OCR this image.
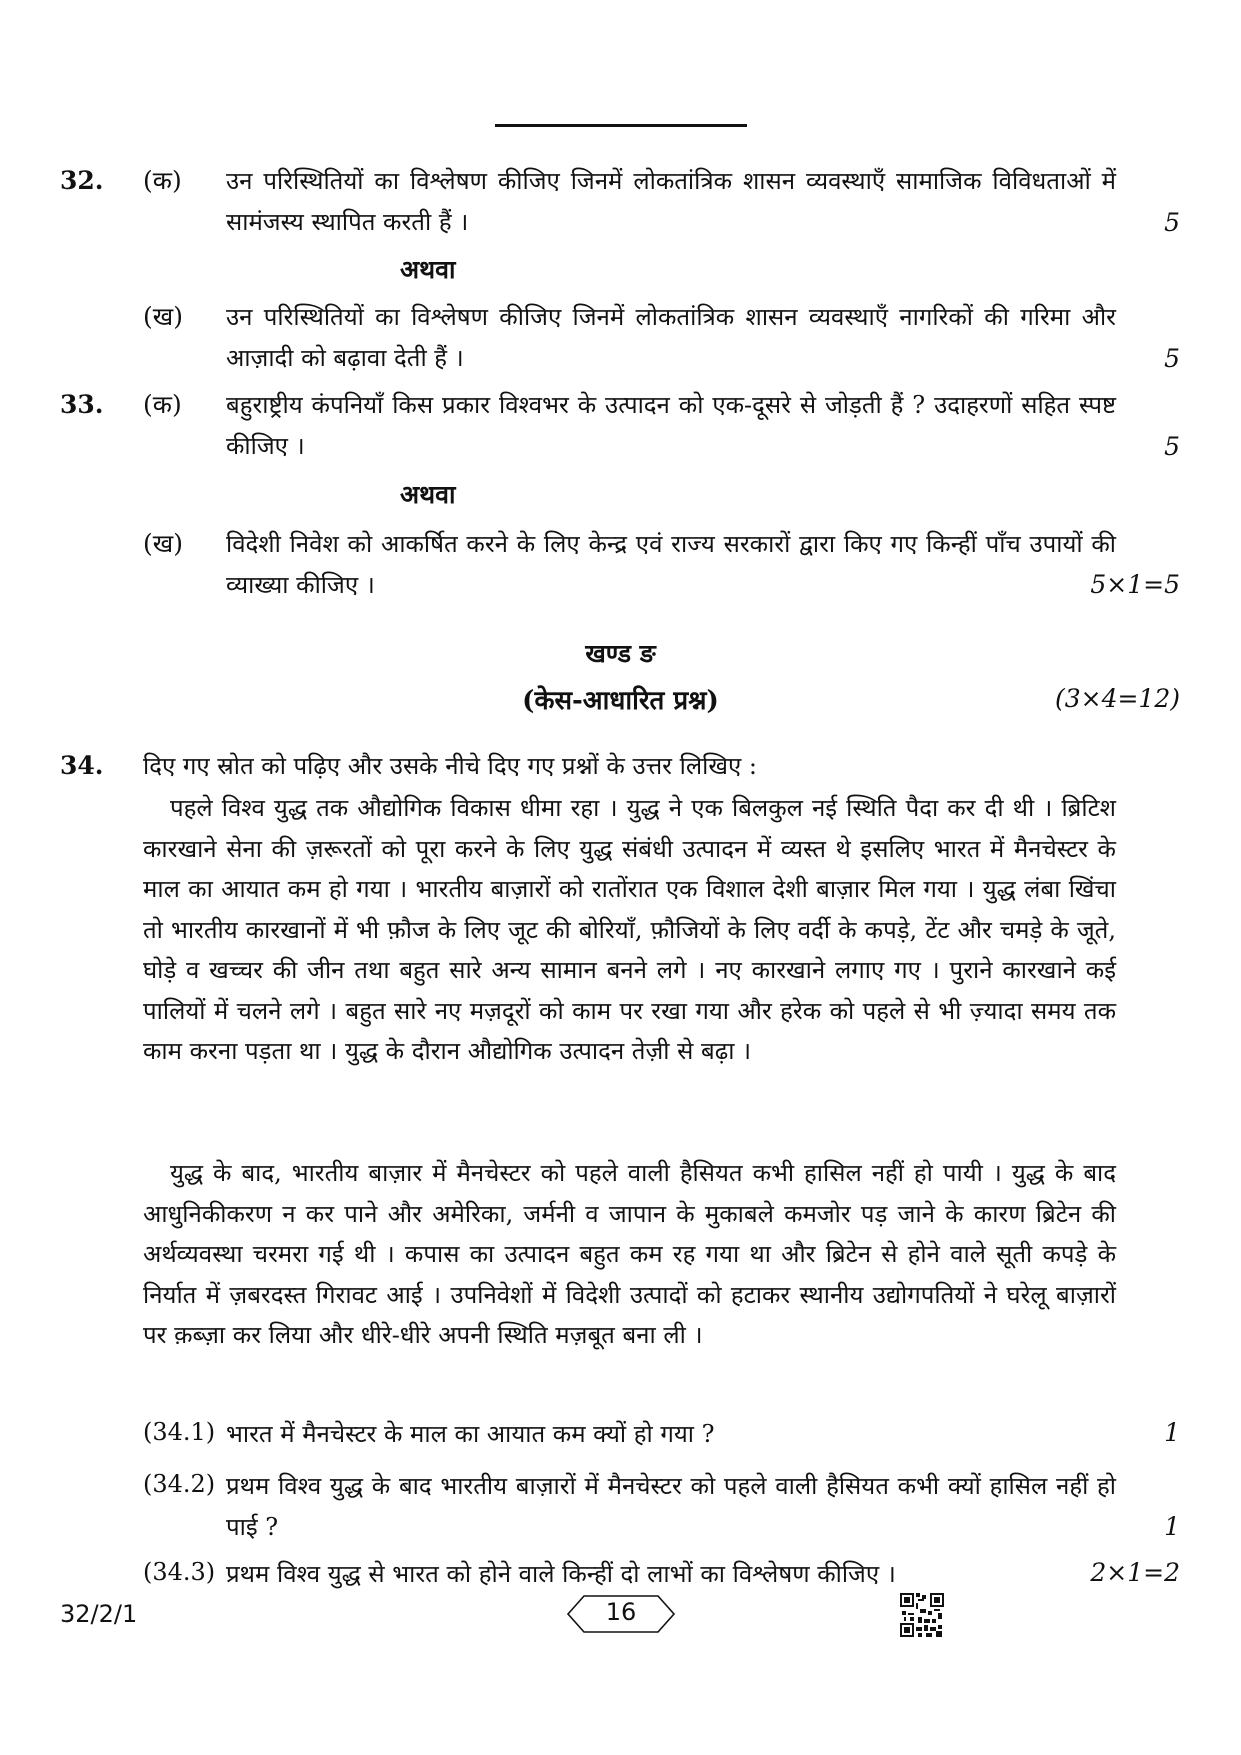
32. (क) उन परिस्थितियों का विश्लेषण कीजिए जिनमें लोकतांत्रिक शासन व्यवस्थाएँ सामाजिक विविधताओं में सामंजस्य स्थापित करती हैं ।	5
अथवा
(ख) उन परिस्थितियों का विश्लेषण कीजिए जिनमें लोकतांत्रिक शासन व्यवस्थाएँ नागरिकों की गरिमा और आज़ादी को बढ़ावा देती हैं ।	5
33. (क) बहुराष्ट्रीय कंपनियाँ किस प्रकार विश्वभर के उत्पादन को एक-दूसरे से जोड़ती हैं ? उदाहरणों सहित स्पष्ट कीजिए ।	5
अथवा
(ख) विदेशी निवेश को आकर्षित करने के लिए केन्द्र एवं राज्य सरकारों द्वारा किए गए किन्हीं पाँच उपायों की व्याख्या कीजिए ।	5×1=5
खण्ड ङ
(केस-आधारित प्रश्न)	(3×4=12)
34. दिए गए स्रोत को पढ़िए और उसके नीचे दिए गए प्रश्नों के उत्तर लिखिए :
पहले विश्व युद्ध तक औद्योगिक विकास धीमा रहा । युद्ध ने एक बिलकुल नई स्थिति पैदा कर दी थी । ब्रिटिश कारखाने सेना की ज़रूरतों को पूरा करने के लिए युद्ध संबंधी उत्पादन में व्यस्त थे इसलिए भारत में मैनचेस्टर के माल का आयात कम हो गया । भारतीय बाज़ारों को रातोंरात एक विशाल देशी बाज़ार मिल गया । युद्ध लंबा खिंचा तो भारतीय कारखानों में भी फ़ौज के लिए जूट की बोरियाँ, फ़ौजियों के लिए वर्दी के कपड़े, टेंट और चमड़े के जूते, घोड़े व खच्चर की जीन तथा बहुत सारे अन्य सामान बनने लगे । नए कारखाने लगाए गए । पुराने कारखाने कई पालियों में चलने लगे । बहुत सारे नए मज़दूरों को काम पर रखा गया और हरेक को पहले से भी ज़्यादा समय तक काम करना पड़ता था । युद्ध के दौरान औद्योगिक उत्पादन तेज़ी से बढ़ा ।
युद्ध के बाद, भारतीय बाज़ार में मैनचेस्टर को पहले वाली हैसियत कभी हासिल नहीं हो पायी । युद्ध के बाद आधुनिकीकरण न कर पाने और अमेरिका, जर्मनी व जापान के मुकाबले कमजोर पड़ जाने के कारण ब्रिटेन की अर्थव्यवस्था चरमरा गई थी । कपास का उत्पादन बहुत कम रह गया था और ब्रिटेन से होने वाले सूती कपड़े के निर्यात में ज़बरदस्त गिरावट आई । उपनिवेशों में विदेशी उत्पादों को हटाकर स्थानीय उद्योगपतियों ने घरेलू बाज़ारों पर क़ब्ज़ा कर लिया और धीरे-धीरे अपनी स्थिति मज़बूत बना ली ।
(34.1) भारत में मैनचेस्टर के माल का आयात कम क्यों हो गया ?	1
(34.2) प्रथम विश्व युद्ध के बाद भारतीय बाज़ारों में मैनचेस्टर को पहले वाली हैसियत कभी क्यों हासिल नहीं हो पाई ?	1
(34.3) प्रथम विश्व युद्ध से भारत को होने वाले किन्हीं दो लाभों का विश्लेषण कीजिए ।	2×1=2
32/2/1	16
